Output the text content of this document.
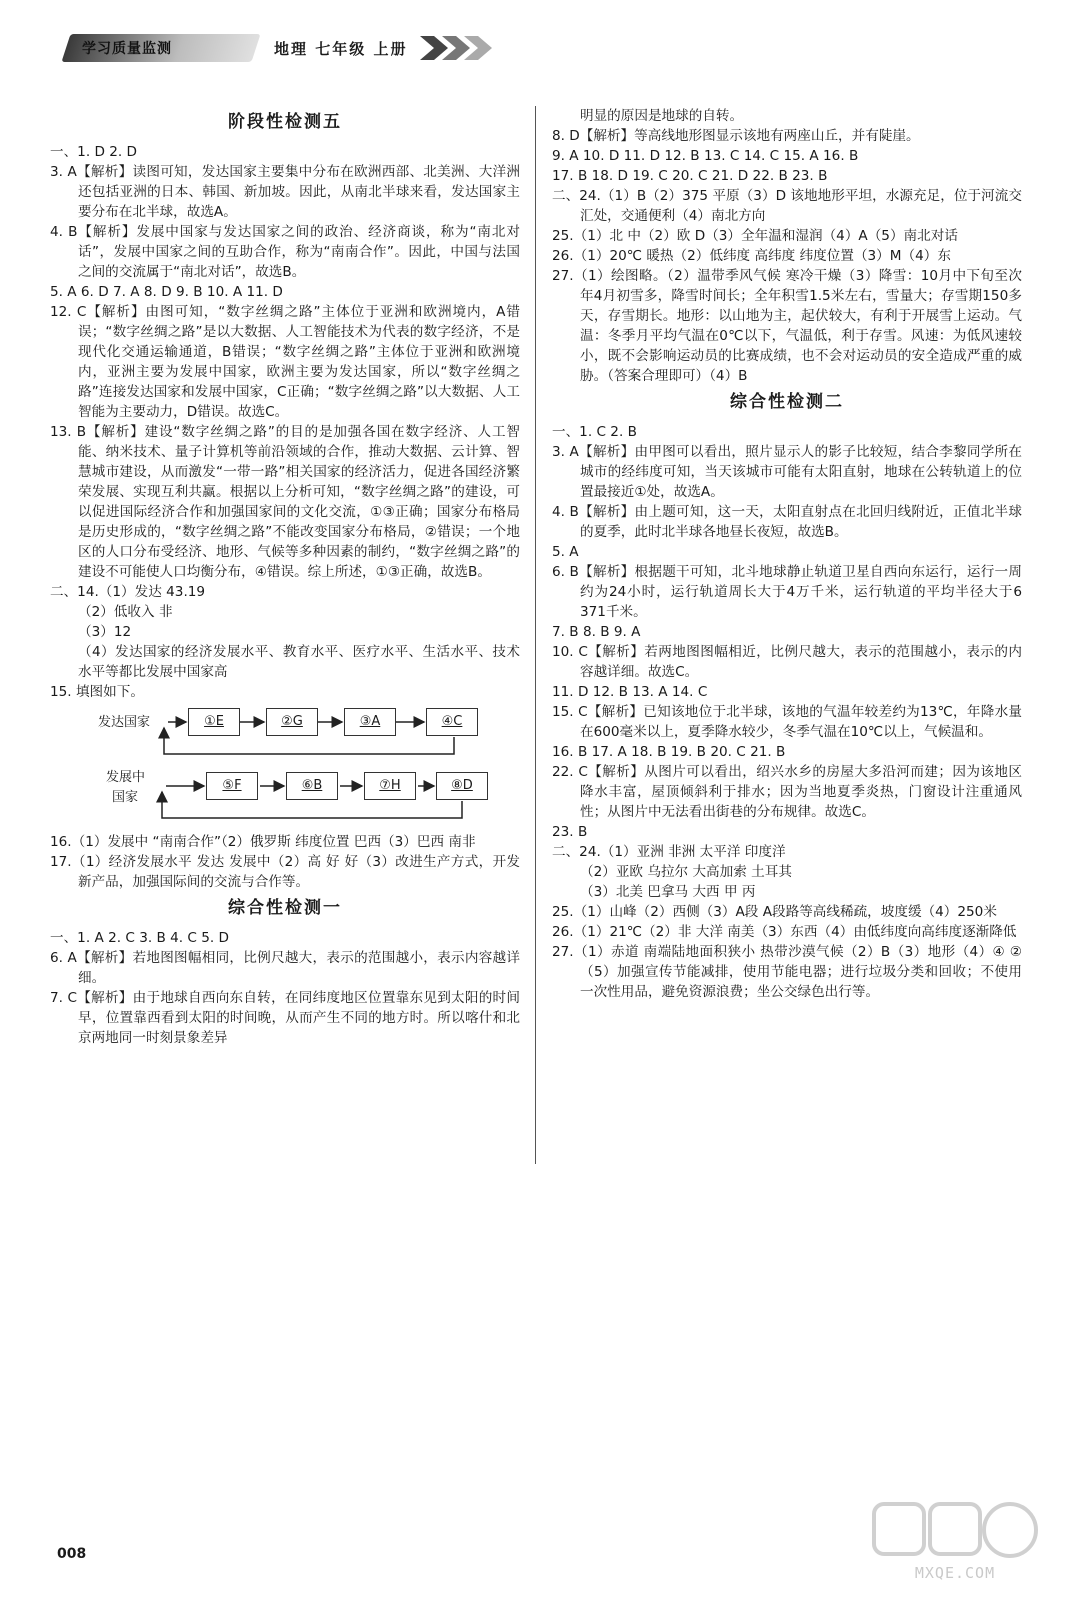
学习质量监测	地理 七年级 上册
阶段性检测五

一、1. D 2. D

3. A【解析】读图可知，发达国家主要集中分布在欧洲西部、北美洲、大洋洲还包括亚洲的日本、韩国、新加坡。因此，从南北半球来看，发达国家主要分布在北半球，故选A。

4. B【解析】发展中国家与发达国家之间的政治、经济商谈，称为“南北对话”，发展中国家之间的互助合作，称为“南南合作”。因此，中国与法国之间的交流属于“南北对话”，故选B。

5. A 6. D 7. A 8. D 9. B 10. A 11. D

12. C【解析】由图可知，“数字丝绸之路”主体位于亚洲和欧洲境内，A错误；“数字丝绸之路”是以大数据、人工智能技术为代表的数字经济，不是现代化交通运输通道，B错误；“数字丝绸之路”主体位于亚洲和欧洲境内，亚洲主要为发展中国家，欧洲主要为发达国家，所以“数字丝绸之路”连接发达国家和发展中国家，C正确；“数字丝绸之路”以大数据、人工智能为主要动力，D错误。故选C。

13. B【解析】建设“数字丝绸之路”的目的是加强各国在数字经济、人工智能、纳米技术、量子计算机等前沿领域的合作，推动大数据、云计算、智慧城市建设，从而激发“一带一路”相关国家的经济活力，促进各国经济繁荣发展、实现互利共赢。根据以上分析可知，“数字丝绸之路”的建设，可以促进国际经济合作和加强国家间的文化交流，①③正确；国家分布格局是历史形成的，“数字丝绸之路”不能改变国家分布格局，②错误；一个地区的人口分布受经济、地形、气候等多种因素的制约，“数字丝绸之路”的建设不可能使人口均衡分布，④错误。综上所述，①③正确，故选B。

二、14.（1）发达 43.19

（2）低收入 非

（3）12

（4）发达国家的经济发展水平、教育水平、医疗水平、生活水平、技术水平等都比发展中国家高

15. 填图如下。

发达国家	①E	②G	③A	④C
发展中
国家
⑤F	⑥B	⑦H	⑧D

16.（1）发展中 “南南合作”（2）俄罗斯 纬度位置 巴西（3）巴西 南非

17.（1）经济发展水平 发达 发展中（2）高 好 好（3）改进生产方式，开发新产品，加强国际间的交流与合作等。

综合性检测一

一、1. A 2. C 3. B 4. C 5. D

6. A【解析】若地图图幅相同，比例尺越大，表示的范围越小，表示内容越详细。

7. C【解析】由于地球自西向东自转，在同纬度地区位置靠东见到太阳的时间早，位置靠西看到太阳的时间晚，从而产生不同的地方时。所以喀什和北京两地同一时刻景象差异

明显的原因是地球的自转。

8. D【解析】等高线地形图显示该地有两座山丘，并有陡崖。

9. A 10. D 11. D 12. B 13. C 14. C 15. A 16. B

17. B 18. D 19. C 20. C 21. D 22. B 23. B

二、24.（1）B（2）375 平原（3）D 该地地形平坦，水源充足，位于河流交汇处，交通便利（4）南北方向

25.（1）北 中（2）欧 D（3）全年温和湿润（4）A（5）南北对话

26.（1）20℃ 暖热（2）低纬度 高纬度 纬度位置（3）M（4）东

27.（1）绘图略。（2）温带季风气候 寒冷干燥（3）降雪：10月中下旬至次年4月初雪多，降雪时间长；全年积雪1.5米左右，雪量大；存雪期150多天，存雪期长。地形：以山地为主，起伏较大，有利于开展雪上运动。气温：冬季月平均气温在0℃以下，气温低，利于存雪。风速：为低风速较小，既不会影响运动员的比赛成绩，也不会对运动员的安全造成严重的威胁。（答案合理即可）（4）B

综合性检测二

一、1. C 2. B

3. A【解析】由甲图可以看出，照片显示人的影子比较短，结合李黎同学所在城市的经纬度可知，当天该城市可能有太阳直射，地球在公转轨道上的位置最接近①处，故选A。

4. B【解析】由上题可知，这一天，太阳直射点在北回归线附近，正值北半球的夏季，此时北半球各地昼长夜短，故选B。

5. A

6. B【解析】根据题干可知，北斗地球静止轨道卫星自西向东运行，运行一周约为24小时，运行轨道周长大于4万千米，运行轨道的平均半径大于6 371千米。

7. B 8. B 9. A

10. C【解析】若两地图图幅相近，比例尺越大，表示的范围越小，表示的内容越详细。故选C。

11. D 12. B 13. A 14. C

15. C【解析】已知该地位于北半球，该地的气温年较差约为13℃，年降水量在600毫米以上，夏季降水较少，冬季气温在10℃以上，气候温和。

16. B 17. A 18. B 19. B 20. C 21. B

22. C【解析】从图片可以看出，绍兴水乡的房屋大多沿河而建；因为该地区降水丰富，屋顶倾斜利于排水；因为当地夏季炎热，门窗设计注重通风性；从图片中无法看出街巷的分布规律。故选C。

23. B

二、24.（1）亚洲 非洲 太平洋 印度洋

（2）亚欧 乌拉尔 大高加索 土耳其

（3）北美 巴拿马 大西 甲 丙

25.（1）山峰（2）西侧（3）A段 A段路等高线稀疏，坡度缓（4）250米

26.（1）21℃（2）非 大洋 南美（3）东西（4）由低纬度向高纬度逐渐降低

27.（1）赤道 南端陆地面积狭小 热带沙漠气候（2）B（3）地形（4）④ ②（5）加强宣传节能减排，使用节能电器；进行垃圾分类和回收；不使用一次性用品，避免资源浪费；坐公交绿色出行等。

008
MXQE.COM
